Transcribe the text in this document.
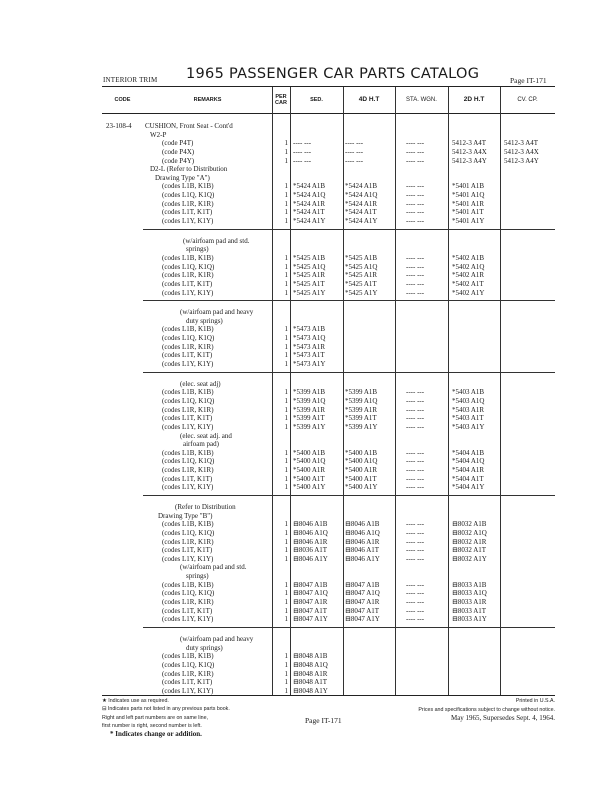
INTERIOR TRIM 1965 PASSENGER CAR PARTS CATALOG	Page IT-171
CODE	REMARKS	PER
CAR	SED.	4D H.T	STA. WGN.	2D H.T	CV. CP.
23-108-4 CUSHION, Front Seat - Cont'd
W2-P
(code P4T)	1 ---- ---	---- ---	---- ---	5412-3 A4T	5412-3 A4T
(code P4X)	1 ---- ---	---- ---	---- ---	5412-3 A4X 5412-3 A4X
(code P4Y)	1 ---- ---	---- ---	---- ---	5412-3 A4Y 5412-3 A4Y
D2-L (Refer to Distribution
Drawing Type "A")
(codes L1B, K1B)	1 *5424 A1B	*5424 A1B	---- ---	*5401 A1B
(codes L1Q, K1Q)	1 *5424 A1Q	*5424 A1Q	---- ---	*5401 A1Q
(codes L1R, K1R)	1 *5424 A1R	*5424 A1R	---- ---	*5401 A1R
(codes L1T, K1T)	1 *5424 A1T	*5424 A1T	---- ---	*5401 A1T
(codes L1Y, K1Y)	1 *5424 A1Y	*5424 A1Y	---- ---	*5401 A1Y
(w/airfoam pad and std.
springs)
(codes L1B, K1B)	1 *5425 A1B	*5425 A1B	---- ---	*5402 A1B
(codes L1Q, K1Q)	1 *5425 A1Q	*5425 A1Q	---- ---	*5402 A1Q
(codes L1R, K1R)	1 *5425 A1R	*5425 A1R	---- ---	*5402 A1R
(codes L1T, K1T)	1 *5425 A1T	*5425 A1T	---- ---	*5402 A1T
(codes L1Y, K1Y)	1 *5425 A1Y	*5425 A1Y	---- ---	*5402 A1Y
(w/airfoam pad and heavy
duty springs)
(codes L1B, K1B)	1 *5473 A1B
(codes L1Q, K1Q)	1 *5473 A1Q
(codes L1R, K1R)	1 *5473 A1R
(codes L1T, K1T)	1 *5473 A1T
(codes L1Y, K1Y)	1 *5473 A1Y
(elec. seat adj)
(codes L1B, K1B)	1 *5399 A1B	*5399 A1B	---- ---	*5403 A1B
(codes L1Q, K1Q)	1 *5399 A1Q	*5399 A1Q	---- ---	*5403 A1Q
(codes L1R, K1R)	1 *5399 A1R	*5399 A1R	---- ---	*5403 A1R
(codes L1T, K1T)	1 *5399 A1T	*5399 A1T	---- ---	*5403 A1T
(codes L1Y, K1Y)	1 *5399 A1Y	*5399 A1Y	---- ---	*5403 A1Y
(elec. seat adj. and
airfoam pad)
(codes L1B, K1B)	1 *5400 A1B	*5400 A1B	---- ---	*5404 A1B
(codes L1Q, K1Q)	1 *5400 A1Q	*5400 A1Q	---- ---	*5404 A1Q
(codes L1R, K1R)	1 *5400 A1R	*5400 A1R	---- ---	*5404 A1R
(codes L1T, K1T)	1 *5400 A1T	*5400 A1T	---- ---	*5404 A1T
(codes L1Y, K1Y)	1 *5400 A1Y	*5400 A1Y	---- ---	*5404 A1Y
(Refer to Distribution
Drawing Type "B")
(codes L1B, K1B)	1 ⊟8046 A1B	⊟8046 A1B	---- ---	⊟8032 A1B
(codes L1Q, K1Q)	1 ⊟8046 A1Q ⊟8046 A1Q	---- ---	⊟8032 A1Q
(codes L1R, K1R)	1 ⊟8046 A1R	⊟8046 A1R	---- ---	⊟8032 A1R
(codes L1T, K1T)	1 ⊟8036 A1T	⊟8046 A1T	---- ---	⊟8032 A1T
(codes L1Y, K1Y)	1 ⊟8046 A1Y ⊟8046 A1Y	---- ---	⊟8032 A1Y
(w/airfoam pad and std.
springs)
(codes L1B, K1B)	1 ⊟8047 A1B	⊟8047 A1B	---- ---	⊟8033 A1B
(codes L1Q, K1Q)	1 ⊟8047 A1Q ⊟8047 A1Q	---- ---	⊟8033 A1Q
(codes L1R, K1R)	1 ⊟8047 A1R	⊟8047 A1R	---- ---	⊟8033 A1R
(codes L1T, K1T)	1 ⊟8047 A1T	⊟8047 A1T	---- ---	⊟8033 A1T
(codes L1Y, K1Y)	1 ⊟8047 A1Y ⊟8047 A1Y	---- ---	⊟8033 A1Y
(w/airfoam pad and heavy
duty springs)
(codes L1B, K1B)	1 ⊟8048 A1B
(codes L1Q, K1Q)	1 ⊟8048 A1Q
(codes L1R, K1R)	1 ⊟8048 A1R
(codes L1T, K1T)	1 ⊟8048 A1T
(codes L1Y, K1Y)	1 ⊟8048 A1Y
★ Indicates use as required.
⊟ Indicates parts not listed in any previous parts book.
Right and left part numbers are on same line,
first number is right, second number is left.
* Indicates change or addition.
Page IT-171
Printed in U.S.A.
Prices and specifications subject to change without notice.
May 1965, Supersedes Sept. 4, 1964.
